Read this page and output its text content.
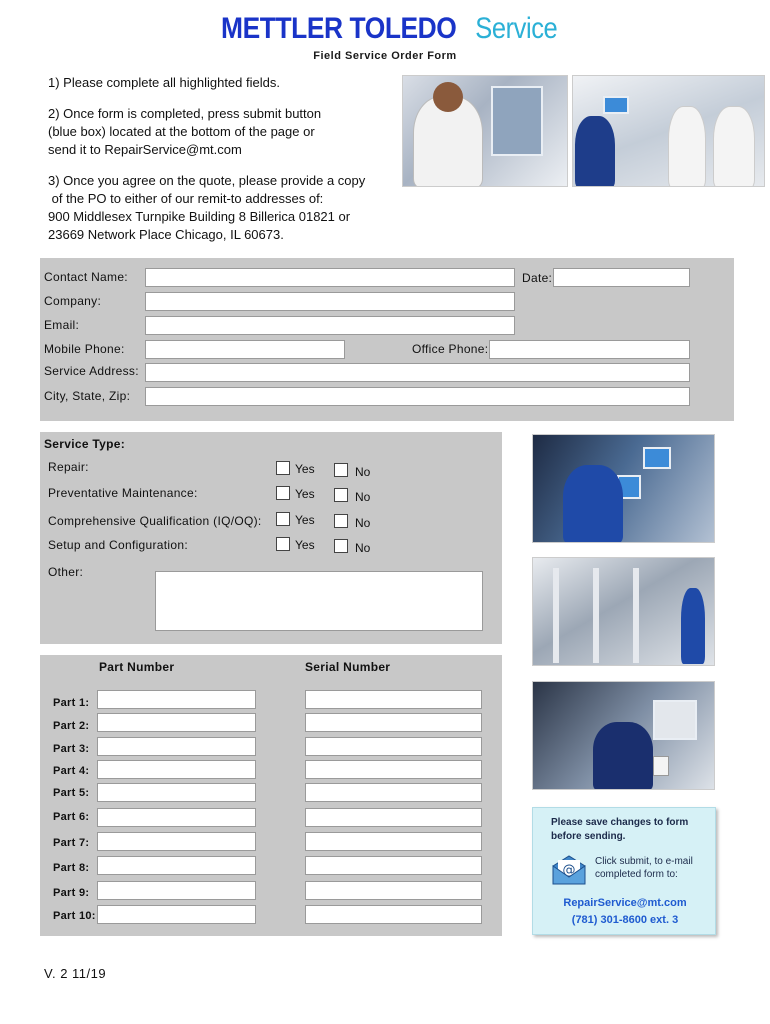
METTLER TOLEDO Service
Field Service Order Form
1) Please complete all highlighted fields.
2) Once form is completed, press submit button
(blue box) located at the bottom of the page or
send it to RepairService@mt.com
3) Once you agree on the quote, please provide a copy
of the PO to either of our remit-to addresses of:
900 Middlesex Turnpike Building 8 Billerica 01821 or
23669 Network Place Chicago, IL 60673.
Contact Name:	Date:
Company:
Email:
Mobile Phone:	Office Phone:
Service Address:
City, State, Zip:
Service Type:
Repair:	Yes	No
Preventative Maintenance:	Yes	No
Comprehensive Qualification (IQ/OQ):	Yes	No
Setup and Configuration:	Yes	No
Other:
Part Number	Serial Number
Part 1:
Part 2:
Part 3:
Part 4:
Part 5:
Part 6:
Part 7:
Part 8:
Part 9:
Part 10:
Please save changes to form
before sending.
@
Click submit, to e-mail
completed form to:
RepairService@mt.com
(781) 301-8600 ext. 3
V. 2 11/19
